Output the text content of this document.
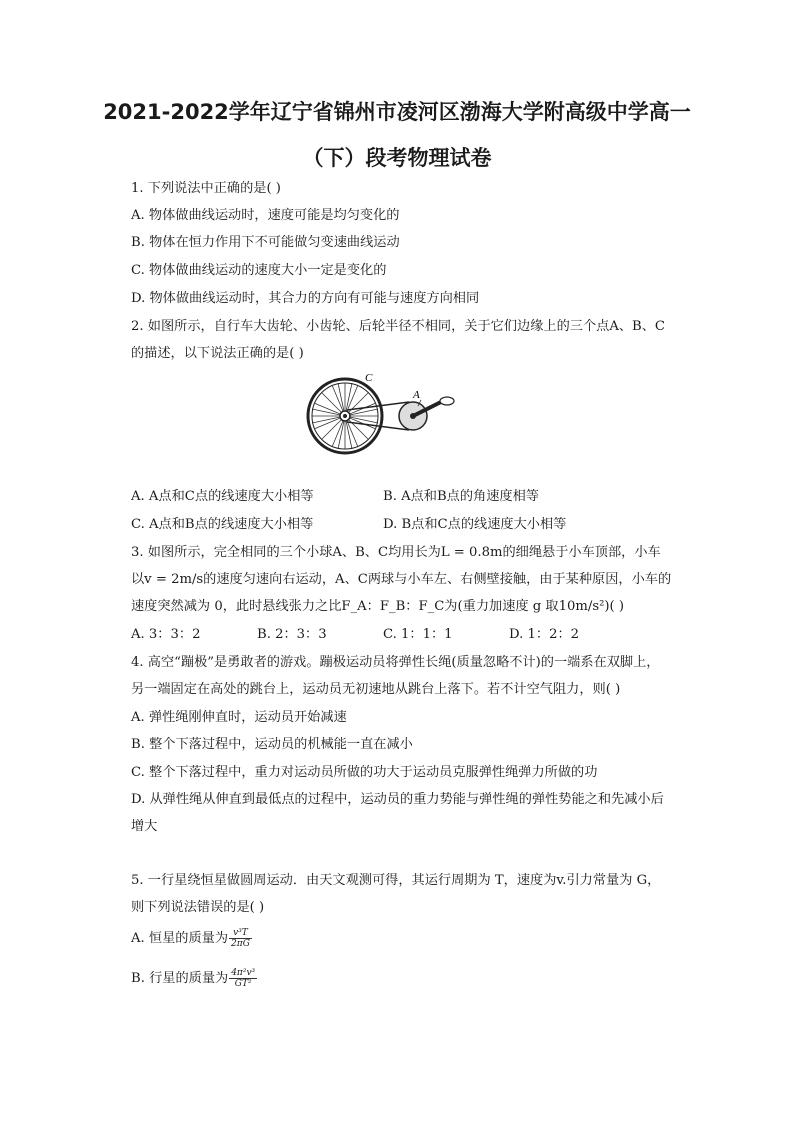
2021-2022学年辽宁省锦州市凌河区渤海大学附高级中学高一
（下）段考物理试卷
1. 下列说法中正确的是( )
A. 物体做曲线运动时，速度可能是均匀变化的
B. 物体在恒力作用下不可能做匀变速曲线运动
C. 物体做曲线运动的速度大小一定是变化的
D. 物体做曲线运动时，其合力的方向有可能与速度方向相同
2. 如图所示，自行车大齿轮、小齿轮、后轮半径不相同，关于它们边缘上的三个点A、B、C
的描述，以下说法正确的是( )
C
A
A. A点和C点的线速度大小相等	B. A点和B点的角速度相等
C. A点和B点的线速度大小相等	D. B点和C点的线速度大小相等
3. 如图所示，完全相同的三个小球A、B、C均用长为L = 0.8m的细绳悬于小车顶部，小车
以v = 2m/s的速度匀速向右运动，A、C两球与小车左、右侧壁接触，由于某种原因，小车的
速度突然减为 0，此时悬线张力之比F_A：F_B：F_C为(重力加速度 g 取10m/s²)( )
A. 3：3：2	B. 2：3：3	C. 1：1：1	D. 1：2：2
4. 高空“蹦极”是勇敢者的游戏。蹦极运动员将弹性长绳(质量忽略不计)的一端系在双脚上，
另一端固定在高处的跳台上，运动员无初速地从跳台上落下。若不计空气阻力，则( )
A. 弹性绳刚伸直时，运动员开始减速
B. 整个下落过程中，运动员的机械能一直在减小
C. 整个下落过程中，重力对运动员所做的功大于运动员克服弹性绳弹力所做的功
D. 从弹性绳从伸直到最低点的过程中，运动员的重力势能与弹性绳的弹性势能之和先减小后
增大
5. 一行星绕恒星做圆周运动．由天文观测可得，其运行周期为 T，速度为v.引力常量为 G，
则下列说法错误的是( )
A. 恒星的质量为 $\frac{\text{v³T}}{2\pi G}$
B. 行星的质量为 $\frac{\text{4π²v³}}{\text{GT²}}$
